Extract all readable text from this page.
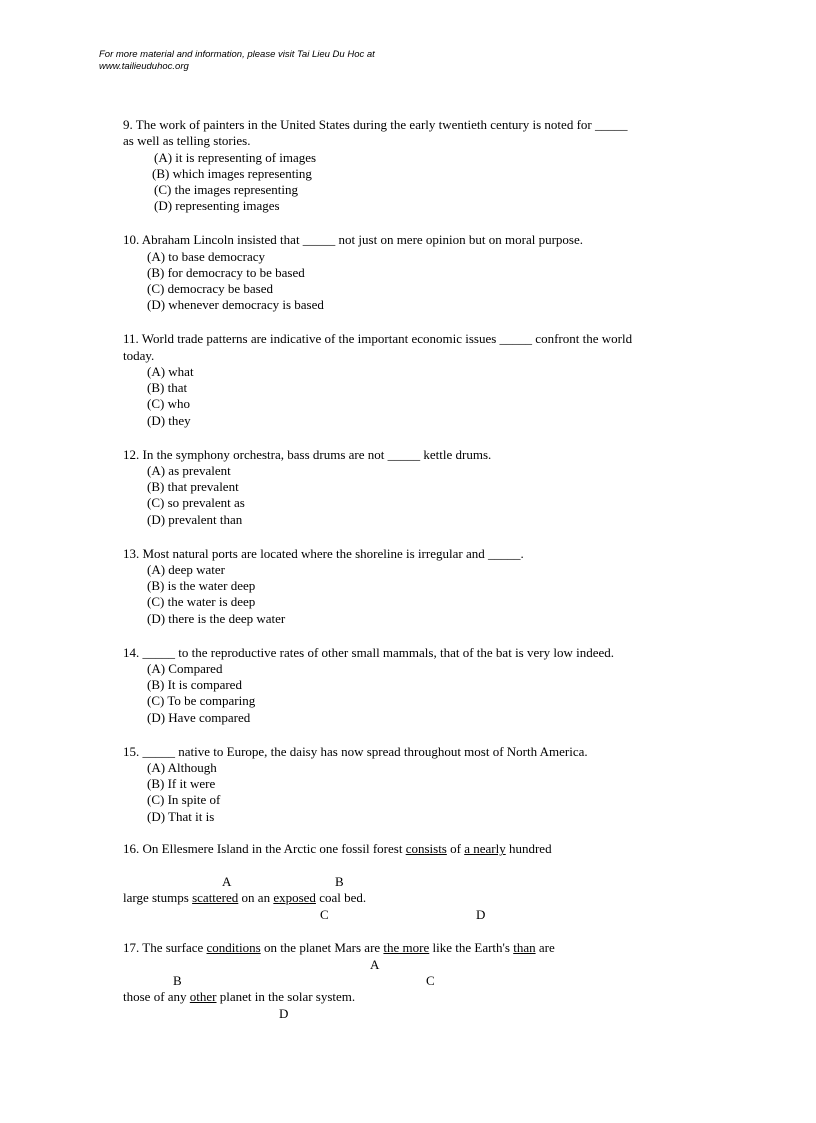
For more material and information, please visit Tai Lieu Du Hoc at
www.tailieuduhoc.org

9. The work of painters in the United States during the early twentieth century is noted for _____

as well as telling stories.

(A) it is representing of images
(B) which images representing
(C) the images representing
(D) representing images

10. Abraham Lincoln insisted that _____ not just on mere opinion but on moral purpose.

(A) to base democracy
(B) for democracy to be based
(C) democracy be based
(D) whenever democracy is based

11. World trade patterns are indicative of the important economic issues _____ confront the world

today.

(A) what
(B) that
(C) who
(D) they

12. In the symphony orchestra, bass drums are not _____ kettle drums.

(A) as prevalent
(B) that prevalent
(C) so prevalent as
(D) prevalent than

13. Most natural ports are located where the shoreline is irregular and _____.

(A) deep water
(B) is the water deep
(C) the water is deep
(D) there is the deep water

14. _____ to the reproductive rates of other small mammals, that of the bat is very low indeed.

(A) Compared
(B) It is compared
(C) To be comparing
(D) Have compared

15. _____ native to Europe, the daisy has now spread throughout most of North America.

(A) Although
(B) If it were
(C) In spite of
(D) That it is

16. On Ellesmere Island in the Arctic one fossil forest consists of a nearly hundred

A	B

large stumps scattered on an exposed coal bed.

C	D

17. The surface conditions on the planet Mars are the more like the Earth's than are

A
B	C

those of any other planet in the solar system.

D
